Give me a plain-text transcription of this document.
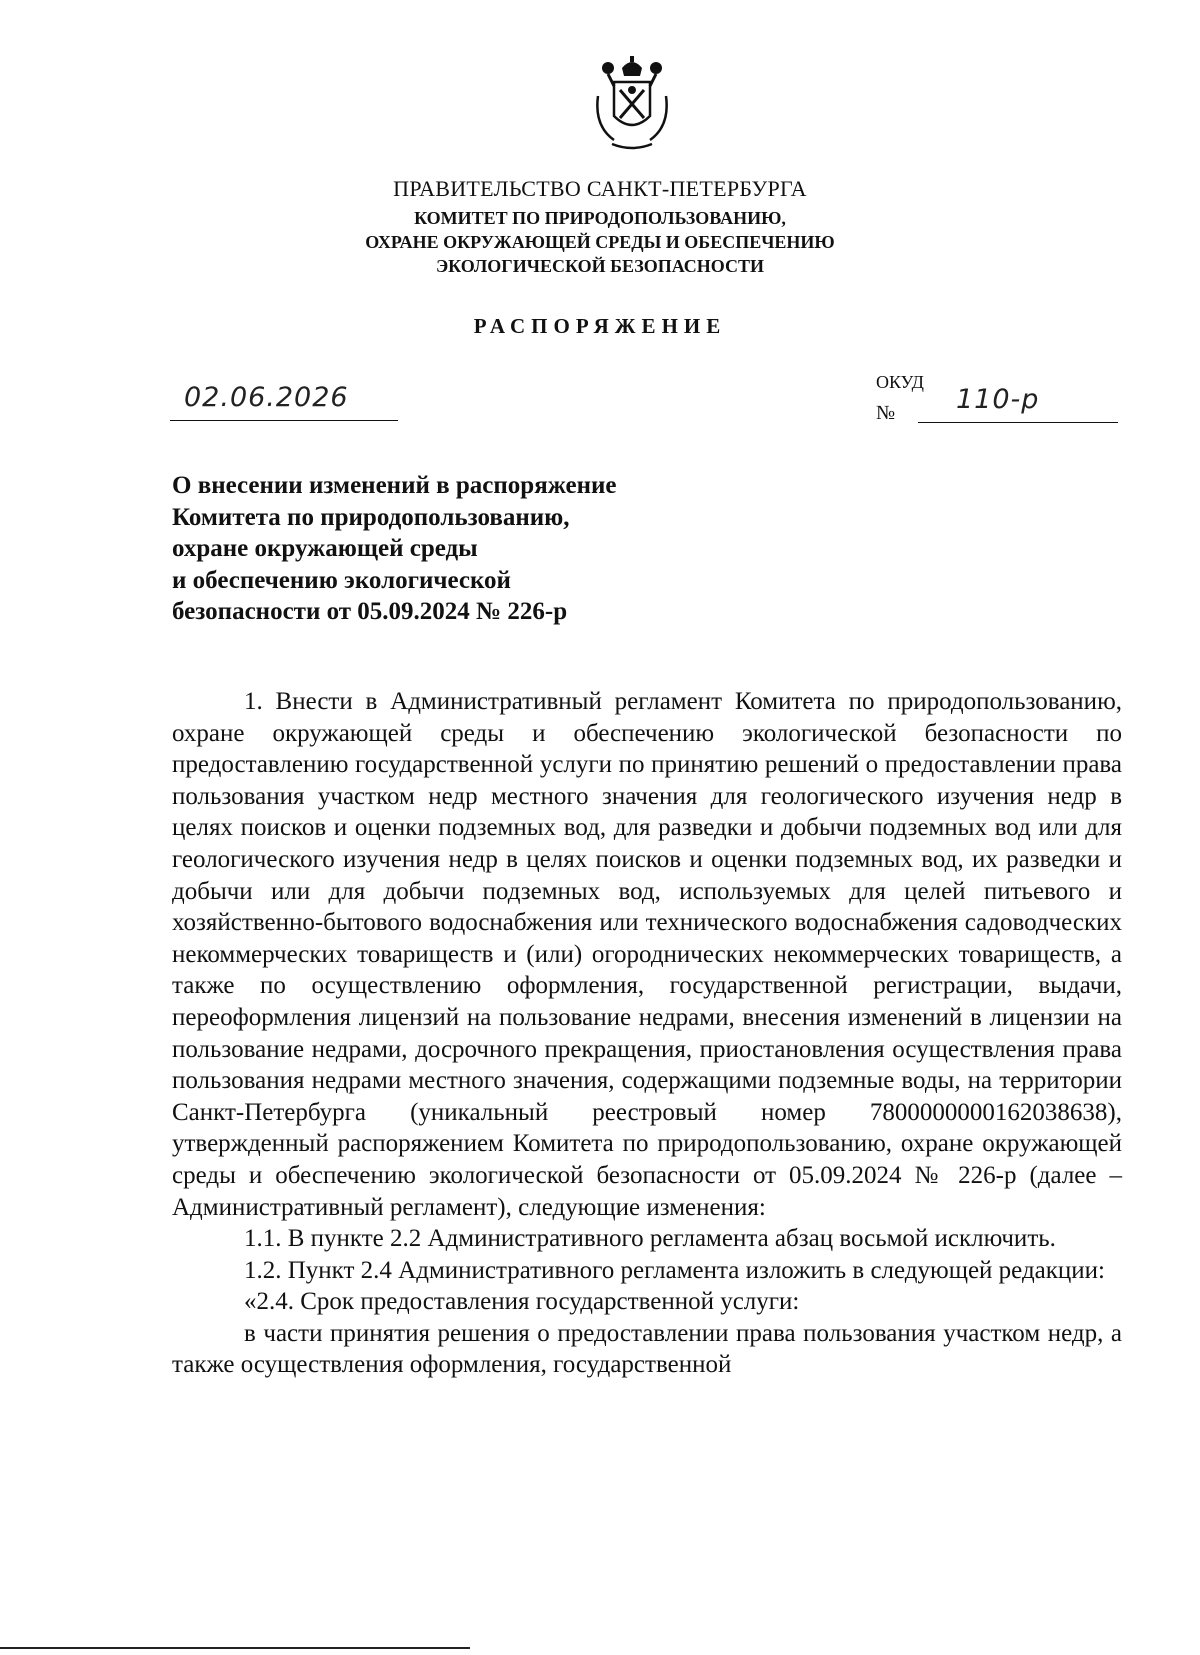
ПРАВИТЕЛЬСТВО САНКТ-ПЕТЕРБУРГА
КОМИТЕТ ПО ПРИРОДОПОЛЬЗОВАНИЮ,
ОХРАНЕ ОКРУЖАЮЩЕЙ СРЕДЫ И ОБЕСПЕЧЕНИЮ
ЭКОЛОГИЧЕСКОЙ БЕЗОПАСНОСТИ
РАСПОРЯЖЕНИЕ
02.06.2026	ОКУД
№ 110-р
О внесении изменений в распоряжение
Комитета по природопользованию,
охране окружающей среды
и обеспечению экологической
безопасности от 05.09.2024 № 226-р

1. Внести в Административный регламент Комитета по природопользованию, охране окружающей среды и обеспечению экологической безопасности по предоставлению государственной услуги по принятию решений о предоставлении права пользования участком недр местного значения для геологического изучения недр в целях поисков и оценки подземных вод, для разведки и добычи подземных вод или для геологического изучения недр в целях поисков и оценки подземных вод, их разведки и добычи или для добычи подземных вод, используемых для целей питьевого и хозяйственно-бытового водоснабжения или технического водоснабжения садоводческих некоммерческих товариществ и (или) огороднических некоммерческих товариществ, а также по осуществлению оформления, государственной регистрации, выдачи, переоформления лицензий на пользование недрами, внесения изменений в лицензии на пользование недрами, досрочного прекращения, приостановления осуществления права пользования недрами местного значения, содержащими подземные воды, на территории Санкт-Петербурга (уникальный реестровый номер 7800000000162038638), утвержденный распоряжением Комитета по природопользованию, охране окружающей среды и обеспечению экологической безопасности от 05.09.2024 № 226-р (далее – Административный регламент), следующие изменения:

1.1. В пункте 2.2 Административного регламента абзац восьмой исключить.

1.2. Пункт 2.4 Административного регламента изложить в следующей редакции:

«2.4. Срок предоставления государственной услуги:

в части принятия решения о предоставлении права пользования участком недр, а также осуществления оформления, государственной
